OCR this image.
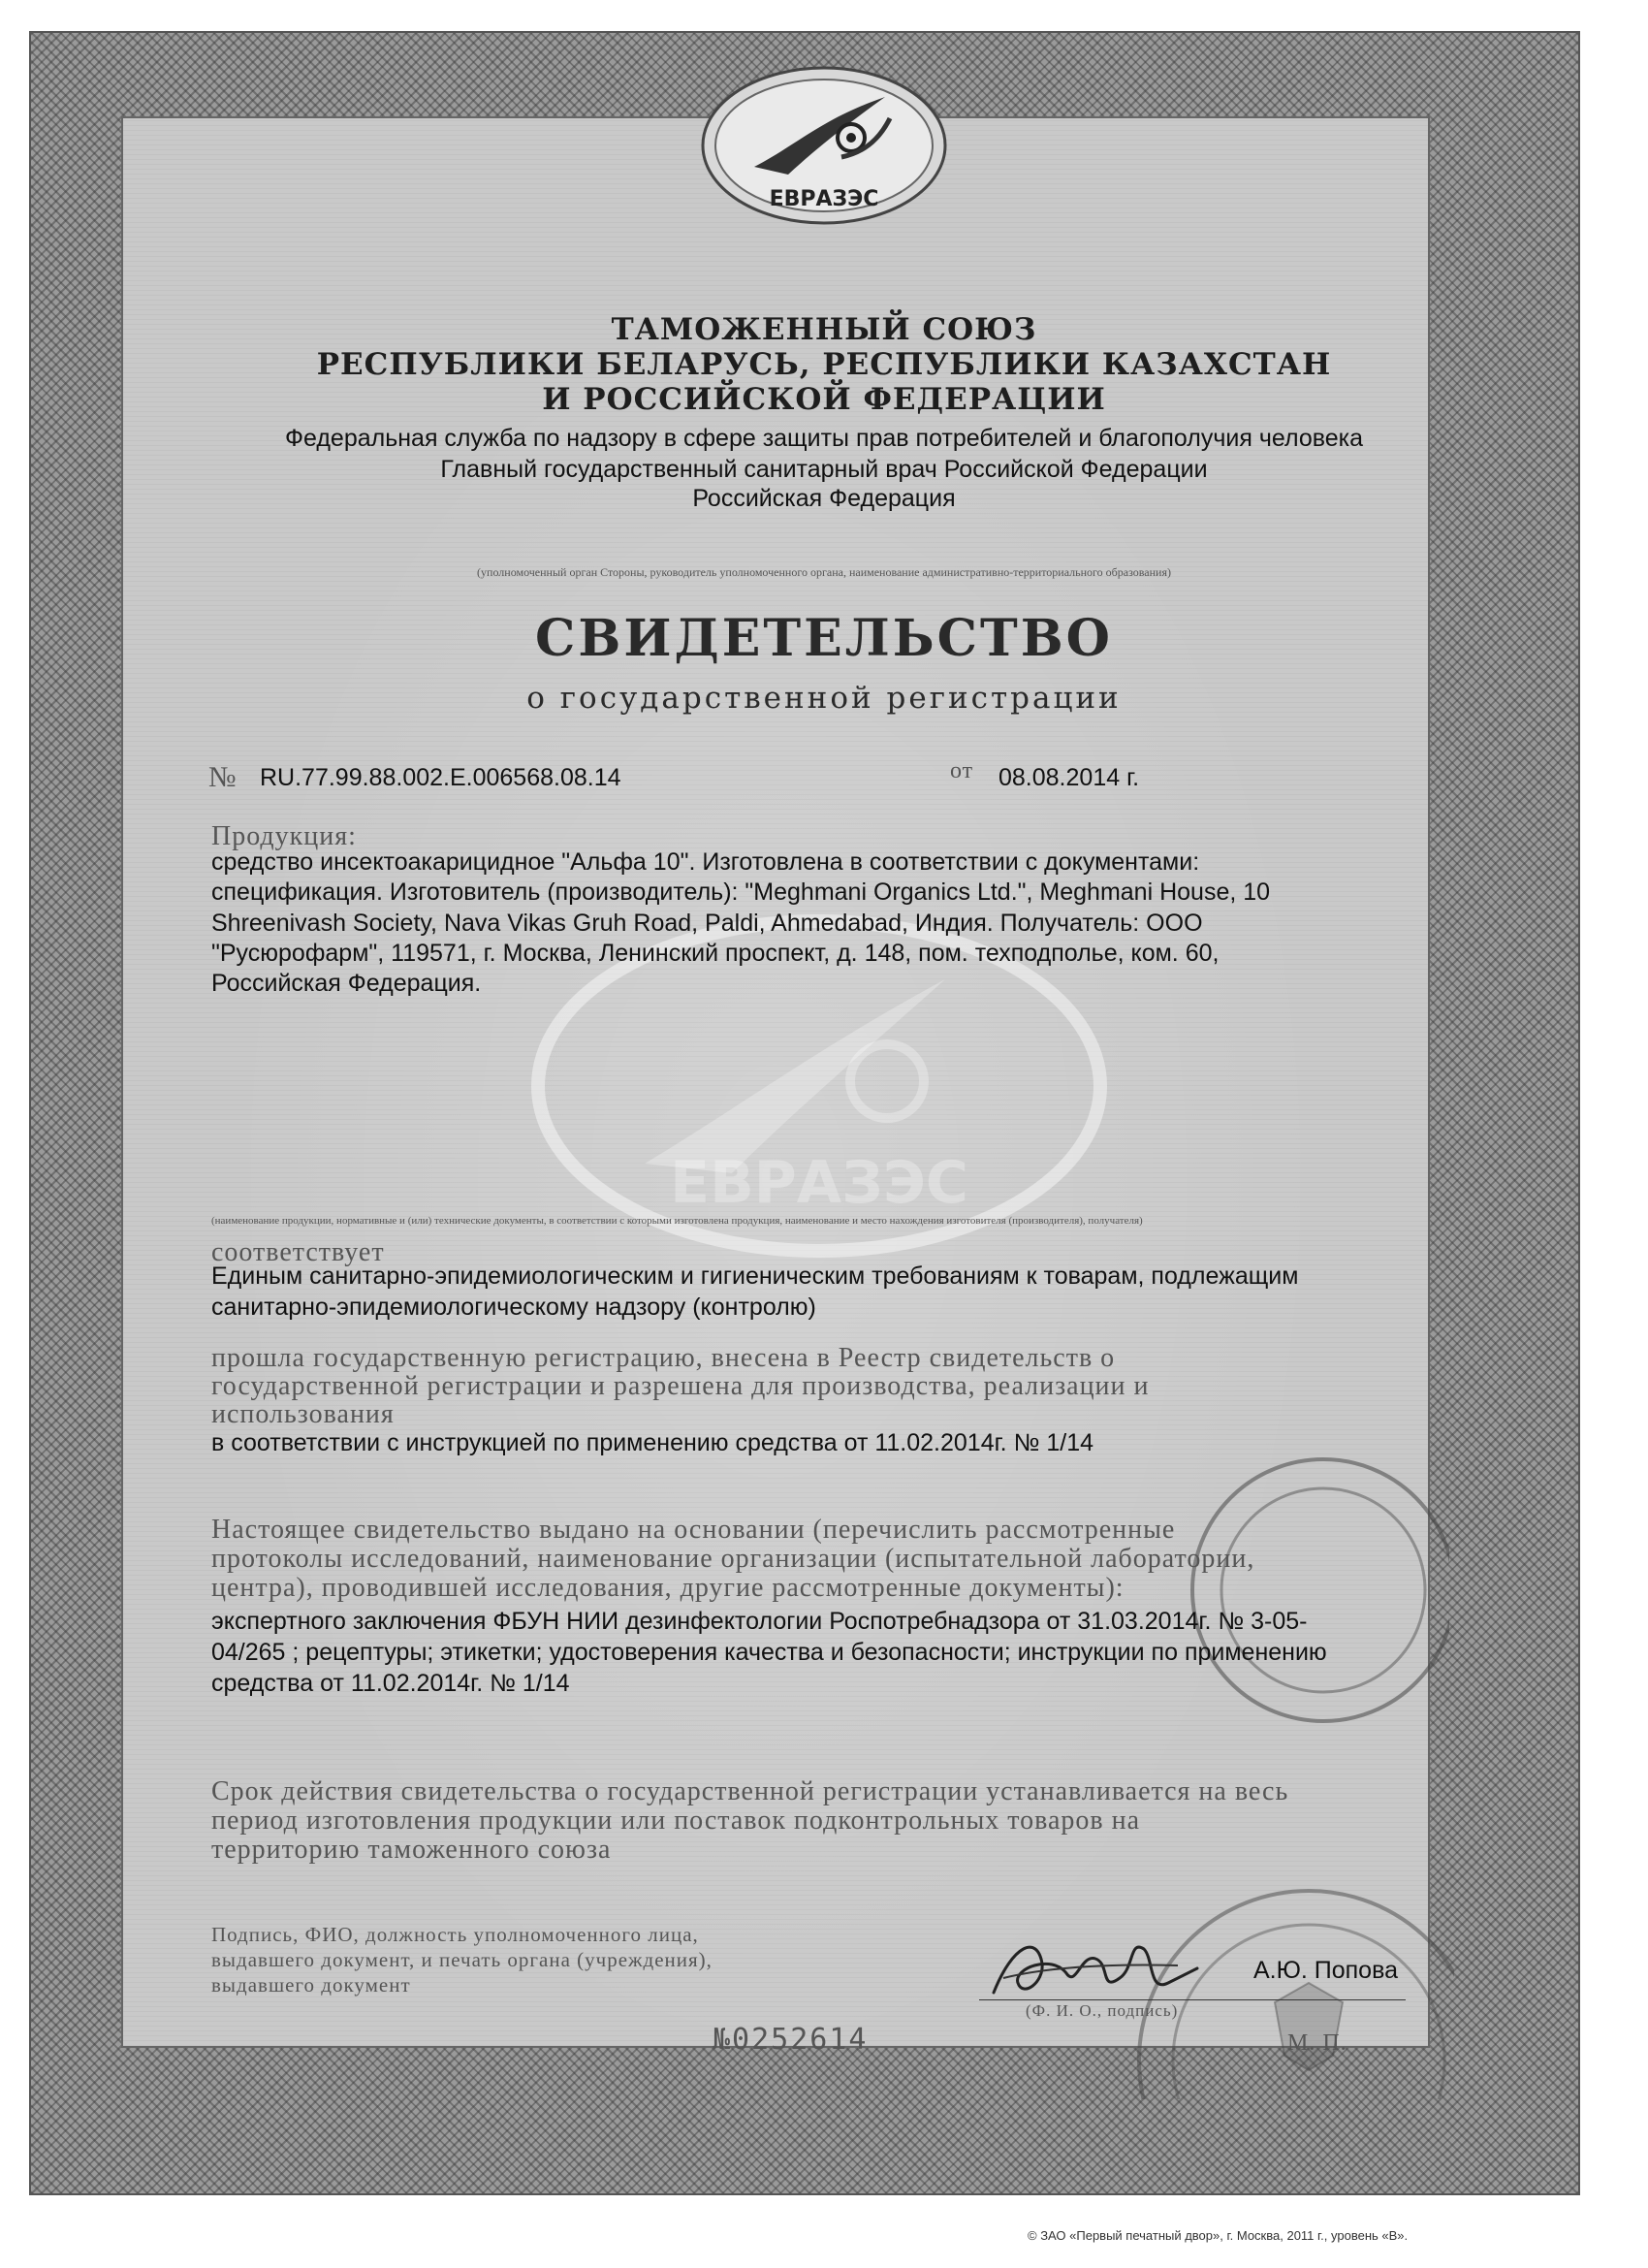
ЕВРАЗЭС
ЕВРАЗЭС
ТАМОЖЕННЫЙ СОЮЗ
РЕСПУБЛИКИ БЕЛАРУСЬ, РЕСПУБЛИКИ КАЗАХСТАН
И РОССИЙСКОЙ ФЕДЕРАЦИИ
Федеральная служба по надзору в сфере защиты прав потребителей и благополучия человека
Главный государственный санитарный врач Российской Федерации
Российская Федерация
(уполномоченный орган Стороны, руководитель уполномоченного органа, наименование административно-территориального образования)
СВИДЕТЕЛЬСТВО
о государственной регистрации
№ RU.77.99.88.002.Е.006568.08.14	от 08.08.2014 г.
Продукция:
средство инсектоакарицидное "Альфа 10". Изготовлена в соответствии с документами:
спецификация. Изготовитель (производитель): "Meghmani Organics Ltd.", Meghmani House, 10
Shreenivash Society, Nava Vikas Gruh Road, Paldi, Ahmedabad, Индия. Получатель: ООО
"Русюрофарм", 119571, г. Москва, Ленинский проспект, д. 148, пом. техподполье, ком. 60,
Российская Федерация.
(наименование продукции, нормативные и (или) технические документы, в соответствии с которыми изготовлена продукция, наименование и место нахождения изготовителя (производителя), получателя)
соответствует
Единым санитарно-эпидемиологическим и гигиеническим требованиям к товарам, подлежащим
санитарно-эпидемиологическому надзору (контролю)
прошла государственную регистрацию, внесена в Реестр свидетельств о
государственной регистрации и разрешена для производства, реализации и
использования
в соответствии с инструкцией по применению средства от 11.02.2014г. № 1/14
Настоящее свидетельство выдано на основании (перечислить рассмотренные
протоколы исследований, наименование организации (испытательной лаборатории,
центра), проводившей исследования, другие рассмотренные документы):
экспертного заключения ФБУН НИИ дезинфектологии Роспотребнадзора от 31.03.2014г. № 3-05-
04/265 ; рецептуры; этикетки; удостоверения качества и безопасности; инструкции по применению
средства от 11.02.2014г. № 1/14
Срок действия свидетельства о государственной регистрации устанавливается на весь
период изготовления продукции или поставок подконтрольных товаров на
территорию таможенного союза
Подпись, ФИО, должность уполномоченного лица,
выдавшего документ, и печать органа (учреждения),
выдавшего документ
А.Ю. Попова
(Ф. И. О., подпись)
№0252614	М. П.
© ЗАО «Первый печатный двор», г. Москва, 2011 г., уровень «В».
